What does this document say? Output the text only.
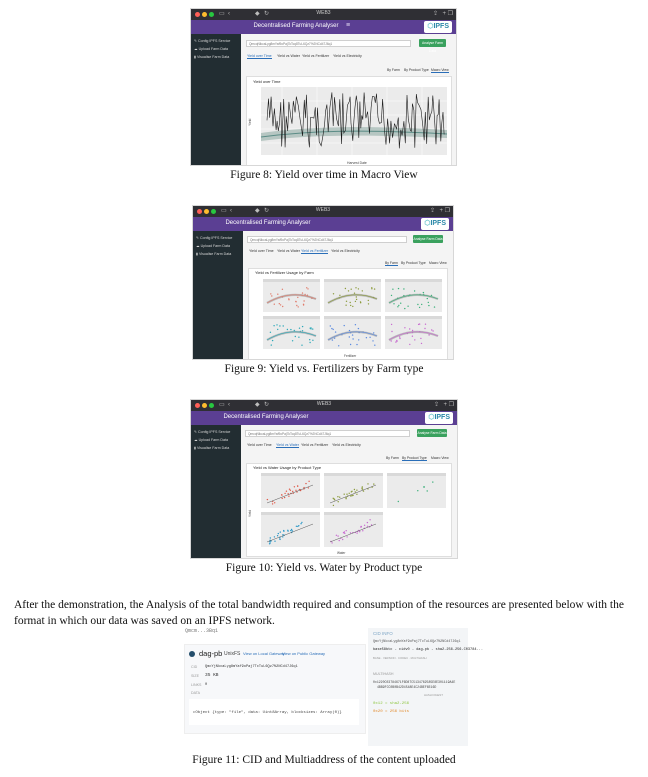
▭ ‹	◆ ↻	WEB3	⇪ + ❐
Decentralised Farming Analyser	≡	⬡IPFS
✎ Config IPFS Service
☁ Upload Farm Data
▮ Visualise Farm Data
QmcqNikcaLyg8mYaf9oPaj7kTcq8TuL6Qz7%2NCd47J6q1	Analyse Farm Data
Yield over Time Yield vs Water Yield vs Fertilizer Yield vs Electricity
By Farm By Product Type Macro View
Yield over Time
Yield
Harvest Date
Figure 8: Yield over time in Macro View
▭ ‹	◆ ↻	WEB3	⇪ + ❐
Decentralised Farming Analyser	⬡IPFS
✎ Config IPFS Service
☁ Upload Farm Data
▮ Visualise Farm Data
QmcqNikcaLyg8mYaf9oPaj7kTcq8TuL6Qz7%2NCd47J6q1	Analyse Farm Data
Yield over Time Yield vs Water Yield vs Fertilizer Yield vs Electricity
By Farm By Product Type Macro View
Yield vs Fertilizer Usage by Farm
Fertilizer
Figure 9: Yield vs. Fertilizers by Farm type
▭ ‹	◆ ↻	WEB3	⇪ + ❐
Decentralised Farming Analyser	⬡IPFS
✎ Config IPFS Service
☁ Upload Farm Data
▮ Visualise Farm Data
QmcqNikcaLyg8mYaf9oPaj7kTcq8TuL6Qz7%2NCd47J6q1	Analyse Farm Data
Yield over Time Yield vs Water Yield vs Fertilizer Yield vs Electricity
By Farm By Product Type Macro View
Yield vs Water Usage by Product Type
Yield
Water
Figure 10: Yield vs. Water by Product type
After the demonstration, the Analysis of the total bandwidth required and consumption of the resources are presented below with the format in which our data was saved on an IPFS network.
Qmcm...3Bq1
dag-pb UnixFS View on Local Gateway
View on Public Gateway
CID QmcYjNkcaLyg8mYaf9oPaj7TcTuL6Qz7%2NCd47J6q1
SIZE 35 KB
LINKS 0
DATA
▸Object {type: "file", data: Uint8Array, blocksizes: Array(0)}
CID INFO
QmcYjNkcaLyg8mYaf9oPaj7TcTuL6Qz7%2NCd47J6q1
base58btc - cidv0 - dag-pb - sha2-256-256-C03784...
BASE · VERSION · CODEC · MULTIHASH
MULTIHASH
0x1220C03784671F6D87C5134762585E8E301119A4E
4BB9FCC0B0B42D4548E4C24BEF6E16D
HASH DIGEST
0x12 = sha2-256
0x20 = 256 bits
Figure 11: CID and Multiaddress of the content uploaded
